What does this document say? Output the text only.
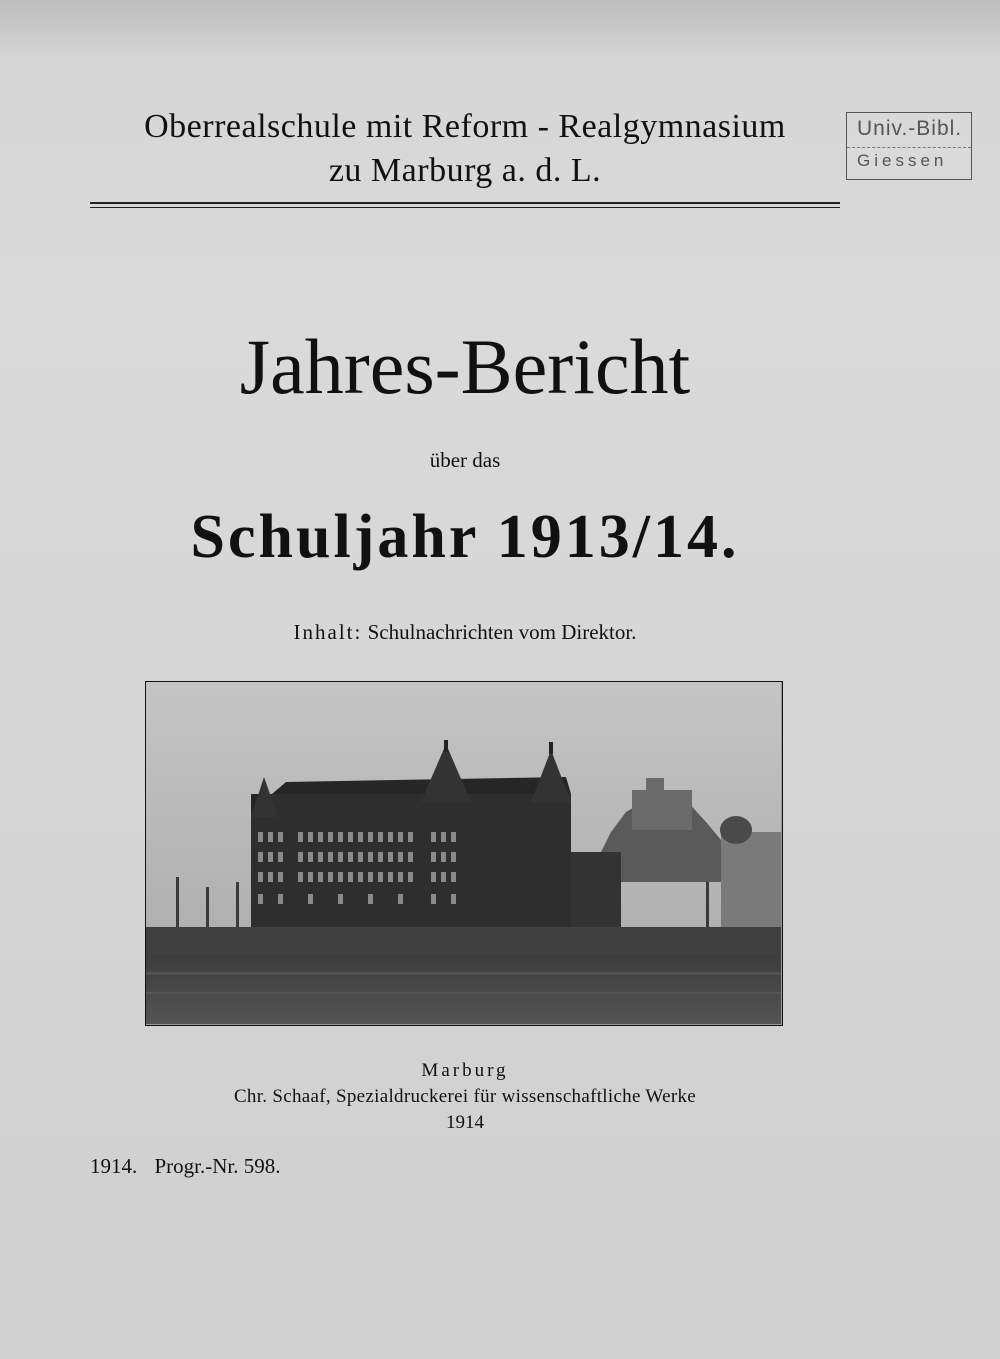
Oberrealschule mit Reform - Realgymnasium
zu Marburg a. d. L.
Univ.-Bibl.
Giessen
Jahres-Bericht
über das
Schuljahr 1913/14.
Inhalt: Schulnachrichten vom Direktor.
Marburg
Chr. Schaaf, Spezialdruckerei für wissenschaftliche Werke
1914
1914. Progr.-Nr. 598.
